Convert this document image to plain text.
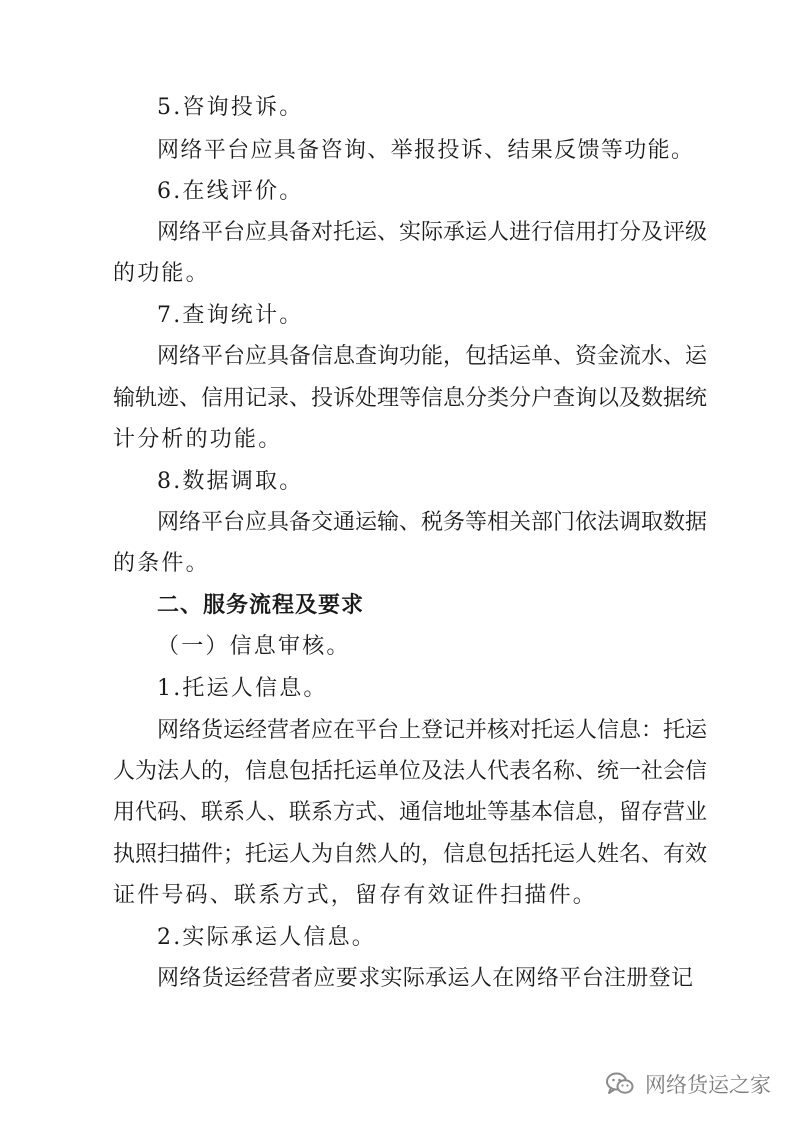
5.咨询投诉。
网络平台应具备咨询、举报投诉、结果反馈等功能。
6.在线评价。
网络平台应具备对托运、实际承运人进行信用打分及评级
的功能。
7.查询统计。
网络平台应具备信息查询功能，包括运单、资金流水、运
输轨迹、信用记录、投诉处理等信息分类分户查询以及数据统
计分析的功能。
8.数据调取。
网络平台应具备交通运输、税务等相关部门依法调取数据
的条件。
二、服务流程及要求
（一）信息审核。
1.托运人信息。
网络货运经营者应在平台上登记并核对托运人信息：托运
人为法人的，信息包括托运单位及法人代表名称、统一社会信
用代码、联系人、联系方式、通信地址等基本信息，留存营业
执照扫描件；托运人为自然人的，信息包括托运人姓名、有效
证件号码、联系方式，留存有效证件扫描件。
2.实际承运人信息。
网络货运经营者应要求实际承运人在网络平台注册登记
网络货运之家
